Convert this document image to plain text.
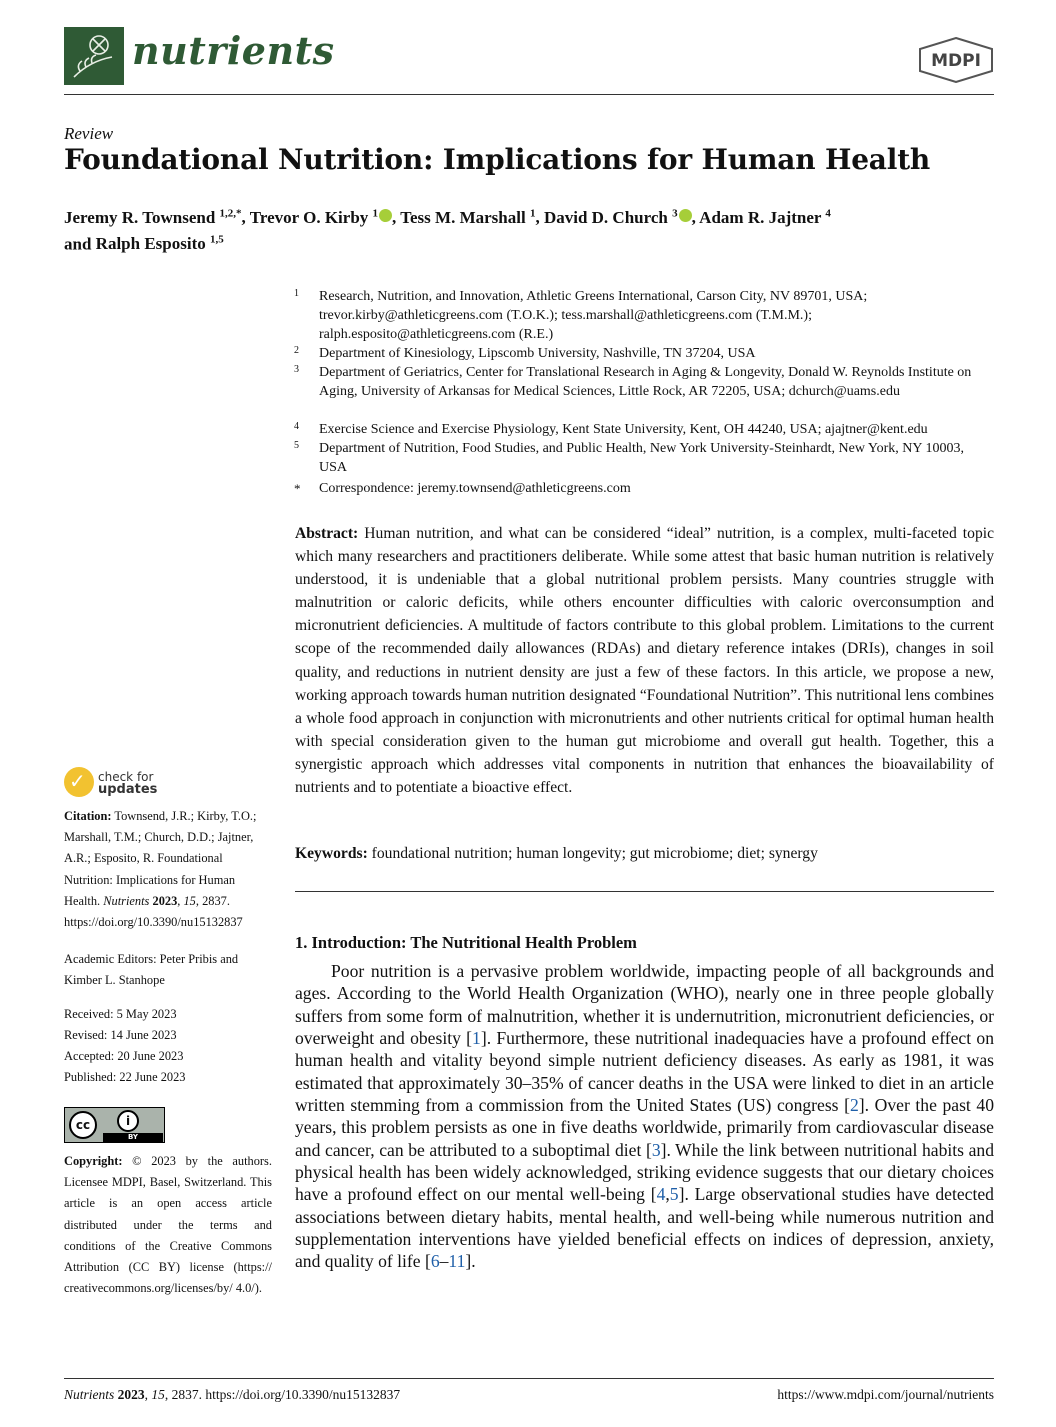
nutrients	MDPI
Review
Foundational Nutrition: Implications for Human Health
Jeremy R. Townsend $^{1,2,*}$, Trevor O. Kirby $^1$ , Tess M. Marshall $^1$, David D. Church $^3$ , Adam R. Jajtner $^4$
and Ralph Esposito $^{1,5}$
1 Research, Nutrition, and Innovation, Athletic Greens International, Carson City, NV 89701, USA; trevor.kirby@athleticgreens.com (T.O.K.); tess.marshall@athleticgreens.com (T.M.M.); ralph.esposito@athleticgreens.com (R.E.)
2 Department of Kinesiology, Lipscomb University, Nashville, TN 37204, USA
3 Department of Geriatrics, Center for Translational Research in Aging & Longevity, Donald W. Reynolds Institute on Aging, University of Arkansas for Medical Sciences, Little Rock, AR 72205, USA; dchurch@uams.edu
4 Exercise Science and Exercise Physiology, Kent State University, Kent, OH 44240, USA; ajajtner@kent.edu
5 Department of Nutrition, Food Studies, and Public Health, New York University-Steinhardt, New York, NY 10003, USA
* Correspondence: jeremy.townsend@athleticgreens.com
Abstract: Human nutrition, and what can be considered “ideal” nutrition, is a complex, multi-faceted topic which many researchers and practitioners deliberate. While some attest that basic human nutrition is relatively understood, it is undeniable that a global nutritional problem persists. Many countries struggle with malnutrition or caloric deficits, while others encounter difficulties with caloric overconsumption and micronutrient deficiencies. A multitude of factors contribute to this global problem. Limitations to the current scope of the recommended daily allowances (RDAs) and dietary reference intakes (DRIs), changes in soil quality, and reductions in nutrient density are just a few of these factors. In this article, we propose a new, working approach towards human nutrition designated “Foundational Nutrition”. This nutritional lens combines a whole food approach in conjunction with micronutrients and other nutrients critical for optimal human health with special consideration given to the human gut microbiome and overall gut health. Together, this a synergistic approach which addresses vital components in nutrition that enhances the bioavailability of nutrients and to potentiate a bioactive effect.
Keywords: foundational nutrition; human longevity; gut microbiome; diet; synergy
1. Introduction: The Nutritional Health Problem
Poor nutrition is a pervasive problem worldwide, impacting people of all backgrounds and ages. According to the World Health Organization (WHO), nearly one in three people globally suffers from some form of malnutrition, whether it is undernutrition, micronutrient deficiencies, or overweight and obesity [1]. Furthermore, these nutritional inadequacies have a profound effect on human health and vitality beyond simple nutrient deficiency diseases. As early as 1981, it was estimated that approximately 30–35% of cancer deaths in the USA were linked to diet in an article written stemming from a commission from the United States (US) congress [2]. Over the past 40 years, this problem persists as one in five deaths worldwide, primarily from cardiovascular disease and cancer, can be attributed to a suboptimal diet [3]. While the link between nutritional habits and physical health has been widely acknowledged, striking evidence suggests that our dietary choices have a profound effect on our mental well-being [4,5]. Large observational studies have detected associations between dietary habits, mental health, and well-being while numerous nutrition and supplementation interventions have yielded beneficial effects on indices of depression, anxiety, and quality of life [6–11].
✓ check for
updates
Citation: Townsend, J.R.; Kirby, T.O.; Marshall, T.M.; Church, D.D.; Jajtner, A.R.; Esposito, R. Foundational Nutrition: Implications for Human Health. Nutrients 2023, 15, 2837. https://doi.org/10.3390/nu15132837
Academic Editors: Peter Pribis and Kimber L. Stanhope
Received: 5 May 2023
Revised: 14 June 2023
Accepted: 20 June 2023
Published: 22 June 2023
cc	i
BY
Copyright: © 2023 by the authors. Licensee MDPI, Basel, Switzerland. This article is an open access article distributed under the terms and conditions of the Creative Commons Attribution (CC BY) license (https:// creativecommons.org/licenses/by/ 4.0/).
Nutrients 2023, 15, 2837. https://doi.org/10.3390/nu15132837	https://www.mdpi.com/journal/nutrients
